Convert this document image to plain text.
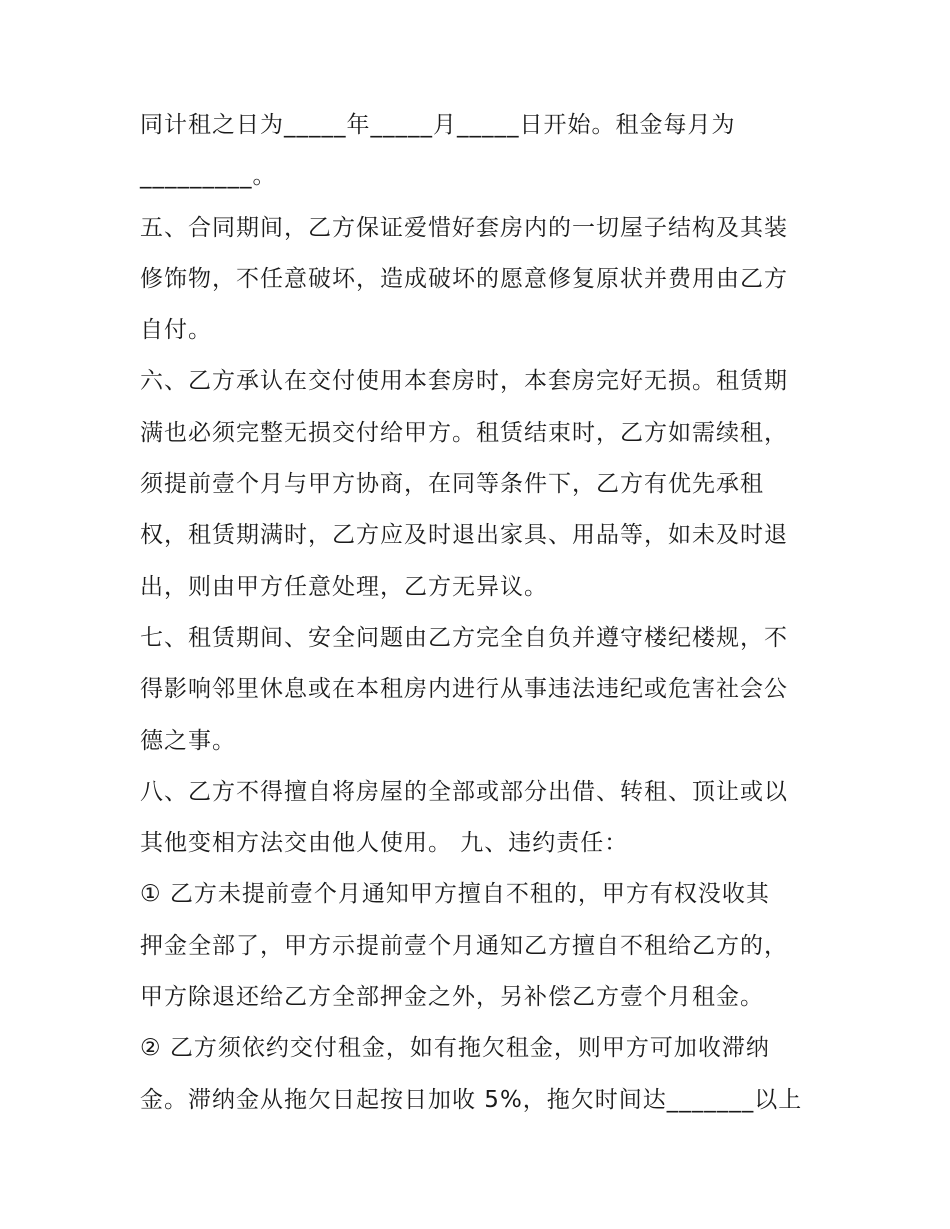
同计租之日为_____年_____月_____日开始。租金每月为
_________。
五、合同期间，乙方保证爱惜好套房内的一切屋子结构及其装
修饰物，不任意破坏，造成破坏的愿意修复原状并费用由乙方
自付。
六、乙方承认在交付使用本套房时，本套房完好无损。租赁期
满也必须完整无损交付给甲方。租赁结束时，乙方如需续租，
须提前壹个月与甲方协商，在同等条件下，乙方有优先承租
权，租赁期满时，乙方应及时退出家具、用品等，如未及时退
出，则由甲方任意处理，乙方无异议。
七、租赁期间、安全问题由乙方完全自负并遵守楼纪楼规，不
得影响邻里休息或在本租房内进行从事违法违纪或危害社会公
德之事。
八、乙方不得擅自将房屋的全部或部分出借、转租、顶让或以
其他变相方法交由他人使用。 九、违约责任：
① 乙方未提前壹个月通知甲方擅自不租的，甲方有权没收其
押金全部了，甲方示提前壹个月通知乙方擅自不租给乙方的，
甲方除退还给乙方全部押金之外，另补偿乙方壹个月租金。
② 乙方须依约交付租金，如有拖欠租金，则甲方可加收滞纳
金。滞纳金从拖欠日起按日加收 5%，拖欠时间达_______以上
